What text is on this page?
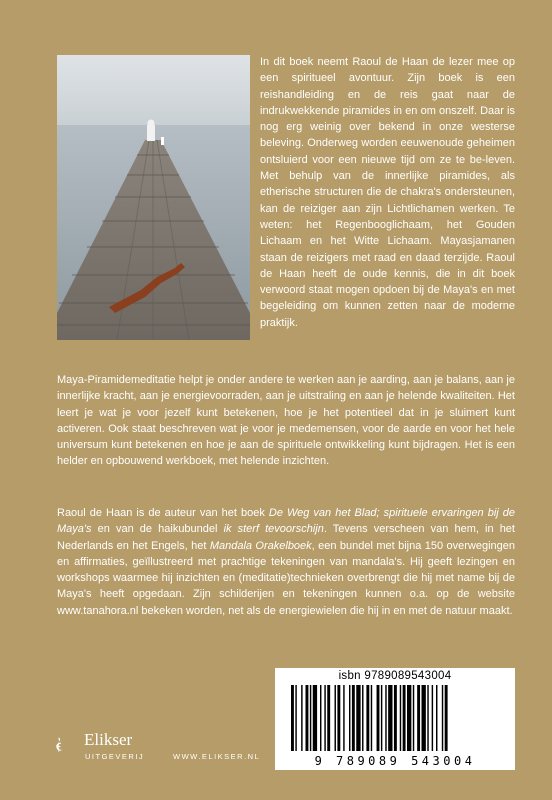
In dit boek neemt Raoul de Haan de lezer mee op een spiritueel avontuur. Zijn boek is een reishandleiding en de reis gaat naar de indrukwekkende piramides in en om onszelf. Daar is nog erg weinig over bekend in onze westerse beleving. Onderweg worden eeuwenoude geheimen ontsluierd voor een nieuwe tijd om ze te be-leven. Met behulp van de innerlijke piramides, als etherische structuren die de chakra's ondersteunen, kan de reiziger aan zijn Lichtlichamen werken. Te weten: het Regenbooglichaam, het Gouden Lichaam en het Witte Lichaam. Mayasjamanen staan de reizigers met raad en daad terzijde. Raoul de Haan heeft de oude kennis, die in dit boek verwoord staat mogen opdoen bij de Maya's en met begeleiding om kunnen zetten naar de moderne praktijk.

Maya-Piramidemeditatie helpt je onder andere te werken aan je aarding, aan je balans, aan je innerlijke kracht, aan je energievoorraden, aan je uitstraling en aan je helende kwaliteiten. Het leert je wat je voor jezelf kunt betekenen, hoe je het potentieel dat in je sluimert kunt activeren. Ook staat beschreven wat je voor je medemensen, voor de aarde en voor het hele universum kunt betekenen en hoe je aan de spirituele ontwikkeling kunt bijdragen. Het is een helder en opbouwend werkboek, met helende inzichten.

Raoul de Haan is de auteur van het boek De Weg van het Blad; spirituele ervaringen bij de Maya's en van de haikubundel ik sterf tevoorschijn. Tevens verscheen van hem, in het Nederlands en het Engels, het Mandala Orakelboek, een bundel met bijna 150 overwegingen en affirmaties, geïllustreerd met prachtige tekeningen van mandala's. Hij geeft lezingen en workshops waarmee hij inzichten en (meditatie)technieken overbrengt die hij met name bij de Maya's heeft opgedaan. Zijn schilderijen en tekeningen kunnen o.a. op de website www.tanahora.nl bekeken worden, net als de energiewielen die hij in en met de natuur maakt.

isbn 9789089543004
9 789089 543004
Elikser
UITGEVERIJ	WWW.ELIKSER.NL
